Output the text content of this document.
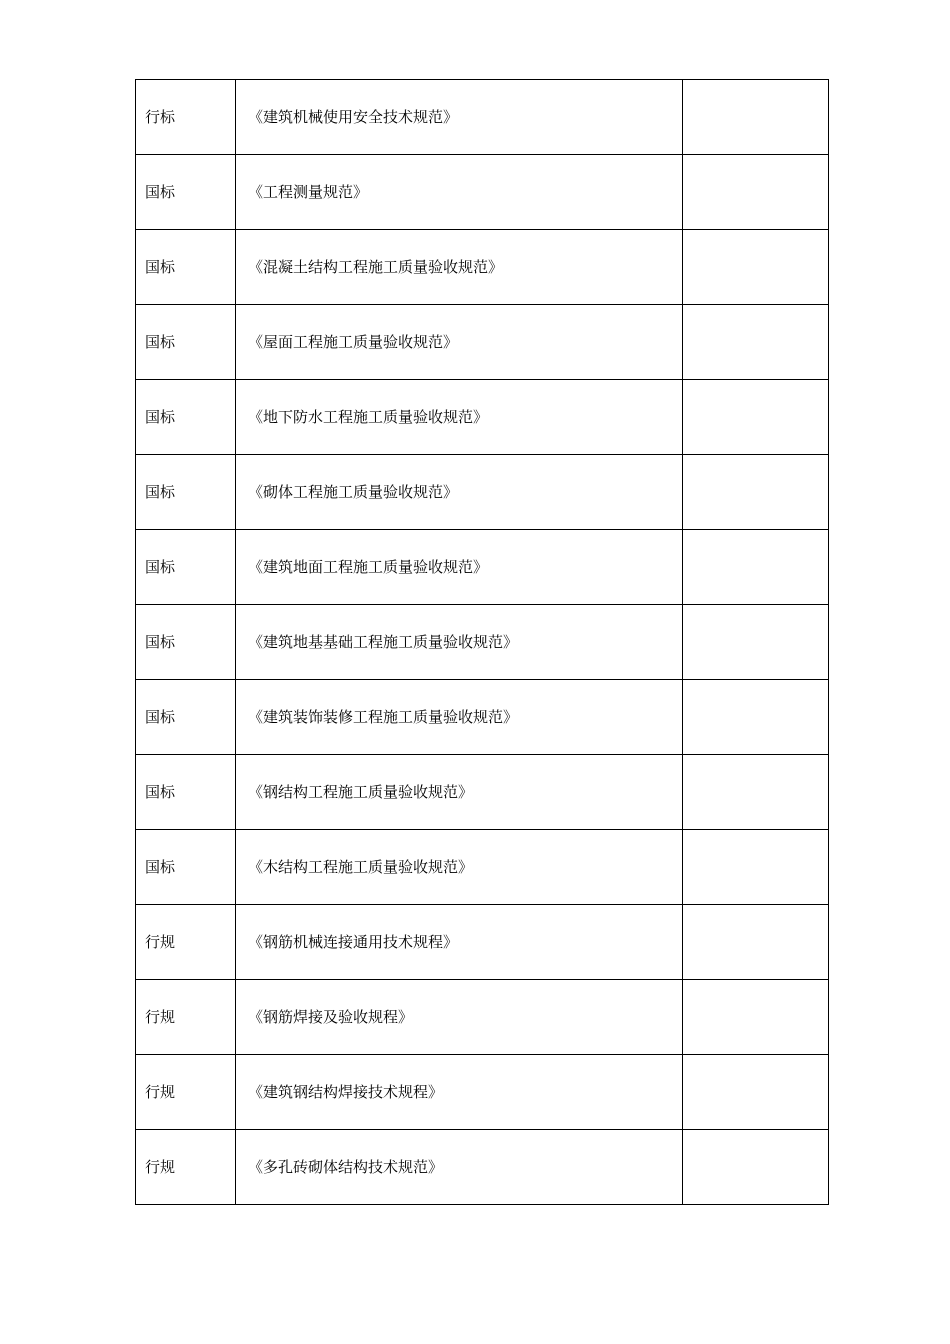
行标	《建筑机械使用安全技术规范》	
国标	《工程测量规范》	
国标	《混凝土结构工程施工质量验收规范》	
国标	《屋面工程施工质量验收规范》	
国标	《地下防水工程施工质量验收规范》	
国标	《砌体工程施工质量验收规范》	
国标	《建筑地面工程施工质量验收规范》	
国标	《建筑地基基础工程施工质量验收规范》	
国标	《建筑装饰装修工程施工质量验收规范》	
国标	《钢结构工程施工质量验收规范》	
国标	《木结构工程施工质量验收规范》	
行规	《钢筋机械连接通用技术规程》	
行规	《钢筋焊接及验收规程》	
行规	《建筑钢结构焊接技术规程》	
行规	《多孔砖砌体结构技术规范》	
